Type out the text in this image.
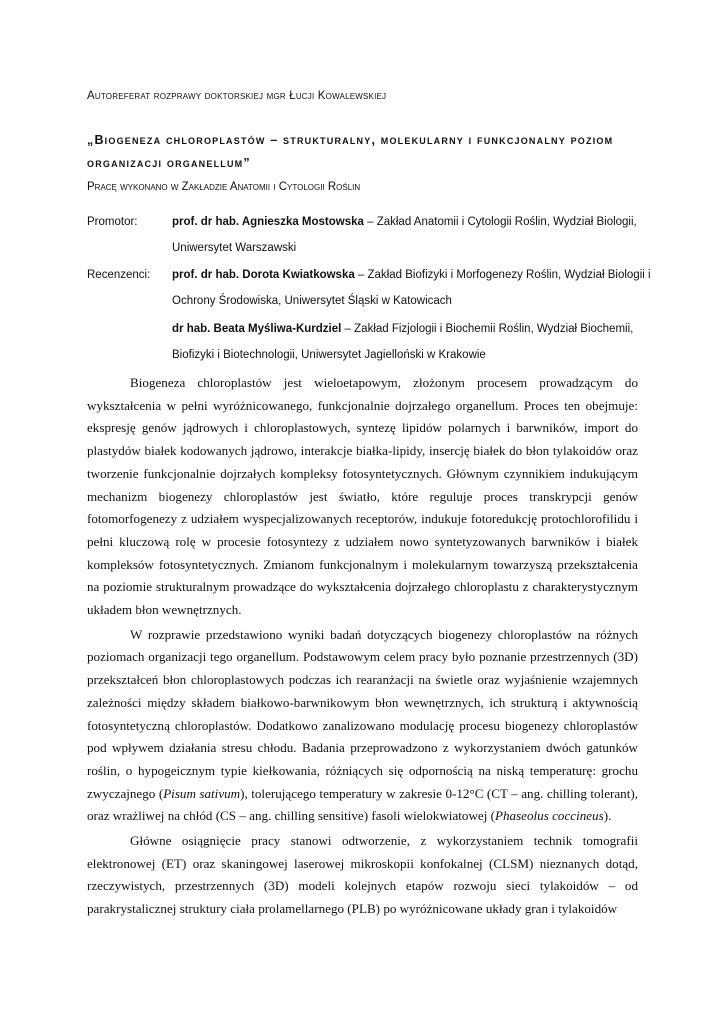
Autoreferat rozprawy doktorskiej mgr Łucji Kowalewskiej
„Biogeneza chloroplastów – strukturalny, molekularny i funkcjonalny poziom organizacji organellum”
Pracę wykonano w Zakładzie Anatomii i Cytologii Roślin
Promotor:	prof. dr hab. Agnieszka Mostowska – Zakład Anatomii i Cytologii Roślin, Wydział Biologii, Uniwersytet Warszawski
Recenzenci: prof. dr hab. Dorota Kwiatkowska – Zakład Biofizyki i Morfogenezy Roślin, Wydział Biologii i Ochrony Środowiska, Uniwersytet Śląski w Katowicach
dr hab. Beata Myśliwa-Kurdziel – Zakład Fizjologii i Biochemii Roślin, Wydział Biochemii, Biofizyki i Biotechnologii, Uniwersytet Jagielloński w Krakowie

Biogeneza chloroplastów jest wieloetapowym, złożonym procesem prowadzącym do wykształcenia w pełni wyróżnicowanego, funkcjonalnie dojrzałego organellum. Proces ten obejmuje: ekspresję genów jądrowych i chloroplastowych, syntezę lipidów polarnych i barwników, import do plastydów białek kodowanych jądrowo, interakcje białka-lipidy, insercję białek do błon tylakoidów oraz tworzenie funkcjonalnie dojrzałych kompleksy fotosyntetycznych. Głównym czynnikiem indukującym mechanizm biogenezy chloroplastów jest światło, które reguluje proces transkrypcji genów fotomorfogenezy z udziałem wyspecjalizowanych receptorów, indukuje fotoredukcję protochlorofilidu i pełni kluczową rolę w procesie fotosyntezy z udziałem nowo syntetyzowanych barwników i białek kompleksów fotosyntetycznych. Zmianom funkcjonalnym i molekularnym towarzyszą przekształcenia na poziomie strukturalnym prowadzące do wykształcenia dojrzałego chloroplastu z charakterystycznym układem błon wewnętrznych.

W rozprawie przedstawiono wyniki badań dotyczących biogenezy chloroplastów na różnych poziomach organizacji tego organellum. Podstawowym celem pracy było poznanie przestrzennych (3D) przekształceń błon chloroplastowych podczas ich rearanżacji na świetle oraz wyjaśnienie wzajemnych zależności między składem białkowo-barwnikowym błon wewnętrznych, ich strukturą i aktywnością fotosyntetyczną chloroplastów. Dodatkowo zanalizowano modulację procesu biogenezy chloroplastów pod wpływem działania stresu chłodu. Badania przeprowadzono z wykorzystaniem dwóch gatunków roślin, o hypogeicznym typie kiełkowania, różniących się odpornością na niską temperaturę: grochu zwyczajnego (Pisum sativum), tolerującego temperatury w zakresie 0-12°C (CT – ang. chilling tolerant), oraz wrażliwej na chłód (CS – ang. chilling sensitive) fasoli wielokwiatowej (Phaseolus coccineus).

Główne osiągnięcie pracy stanowi odtworzenie, z wykorzystaniem technik tomografii elektronowej (ET) oraz skaningowej laserowej mikroskopii konfokalnej (CLSM) nieznanych dotąd, rzeczywistych, przestrzennych (3D) modeli kolejnych etapów rozwoju sieci tylakoidów – od parakrystalicznej struktury ciała prolamellarnego (PLB) po wyróżnicowane układy gran i tylakoidów
